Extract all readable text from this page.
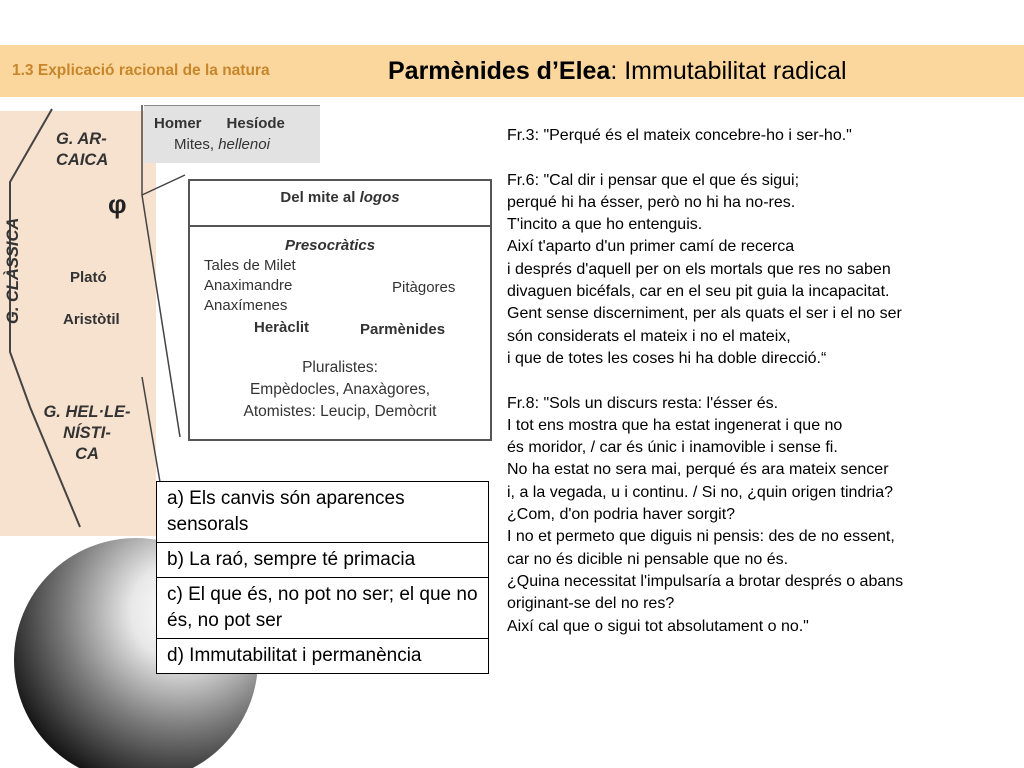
1.3 Explicació racional de la natura	Parmènides d’Elea: Immutabilitat radical
G. AR-
CAICA
φ
G. CLÀSSICA	Plató
Aristòtil
G. HEL·LE-
NÍSTI-
CA
Homer Hesíode
Mites, hellenoi
Del mite al logos
Presocràtics
Tales de Milet
Anaximandre	Pitàgores
Anaxímenes
Heràclit	Parmènides
Pluralistes:
Empèdocles, Anaxàgores,
Atomistes: Leucip, Demòcrit
a) Els canvis són aparences sensorals
b) La raó, sempre té primacia
c) El que és, no pot no ser; el que no és, no pot ser
d) Immutabilitat i permanència

Fr.3: "Perqué és el mateix concebre-ho i ser-ho."

Fr.6: "Cal dir i pensar que el que és sigui;

perqué hi ha ésser, però no hi ha no-res.

T'incito a que ho entenguis.

Així t'aparto d'un primer camí de recerca

i després d'aquell per on els mortals que res no saben

divaguen bicéfals, car en el seu pit guia la incapacitat.

Gent sense discerniment, per als quats el ser i el no ser

són considerats el mateix i no el mateix,

i que de totes les coses hi ha doble direcció.“

Fr.8: "Sols un discurs resta: l'ésser és.

I tot ens mostra que ha estat ingenerat i que no

és moridor, / car és únic i inamovible i sense fi.

No ha estat no sera mai, perqué és ara mateix sencer

i, a la vegada, u i continu. / Si no, ¿quin origen tindria?

¿Com, d'on podria haver sorgit?

I no et permeto que diguis ni pensis: des de no essent,

car no és dicible ni pensable que no és.

¿Quina necessitat l'impulsaría a brotar després o abans

originant-se del no res?

Així cal que o sigui tot absolutament o no."
